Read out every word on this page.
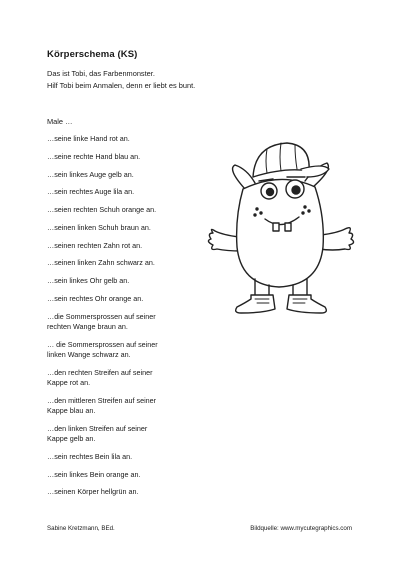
Körperschema (KS)
Das ist Tobi, das Farbenmonster.
Hilf Tobi beim Anmalen, denn er liebt es bunt.
Male …
…seine linke Hand rot an.
…seine rechte Hand blau an.
…sein linkes Auge gelb an.
…sein rechtes Auge lila an.
…seien rechten Schuh orange an.
…seinen linken Schuh braun an.
…seinen rechten Zahn rot an.
…seinen linken Zahn schwarz an.
…sein linkes Ohr gelb an.
…sein rechtes Ohr orange an.
…die Sommersprossen auf seiner
rechten Wange braun an.
… die Sommersprossen auf seiner
linken Wange schwarz an.
…den rechten Streifen auf seiner
Kappe rot an.
…den mittleren Streifen auf seiner
Kappe blau an.
…den linken Streifen auf seiner
Kappe gelb an.
…sein rechtes Bein lila an.
…sein linkes Bein orange an.
…seinen Körper hellgrün an.
Sabine Kretzmann, BEd.	Bildquelle: www.mycutegraphics.com
